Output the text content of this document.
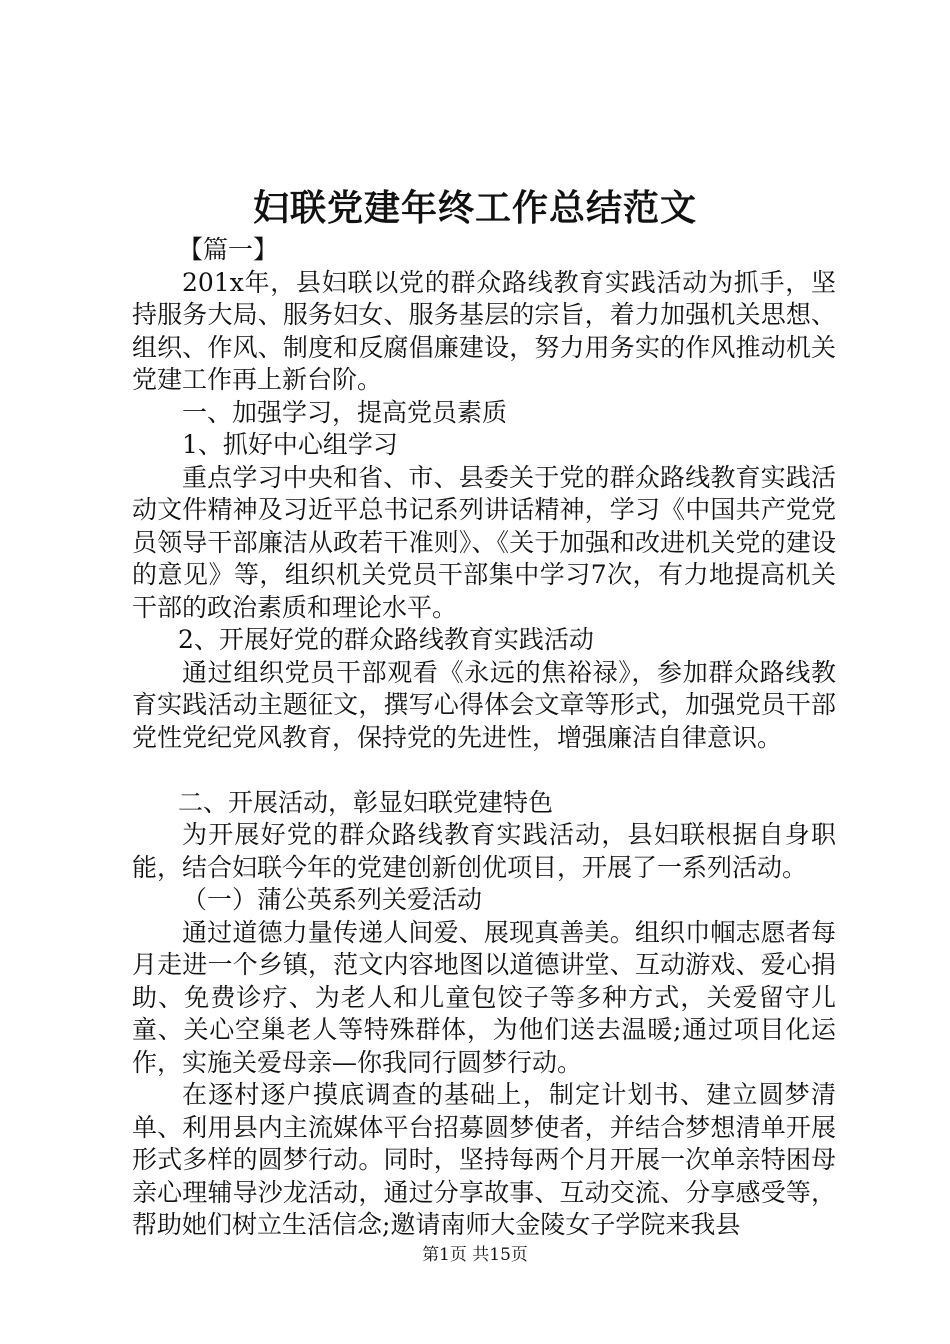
妇联党建年终工作总结范文

【篇一】

201x年，县妇联以党的群众路线教育实践活动为抓手，坚持服务大局、服务妇女、服务基层的宗旨，着力加强机关思想、组织、作风、制度和反腐倡廉建设，努力用务实的作风推动机关党建工作再上新台阶。

一、加强学习，提高党员素质

1、抓好中心组学习

重点学习中央和省、市、县委关于党的群众路线教育实践活动文件精神及习近平总书记系列讲话精神，学习《中国共产党党员领导干部廉洁从政若干准则》、《关于加强和改进机关党的建设的意见》等，组织机关党员干部集中学习7次，有力地提高机关干部的政治素质和理论水平。

2、开展好党的群众路线教育实践活动

通过组织党员干部观看《永远的焦裕禄》，参加群众路线教育实践活动主题征文，撰写心得体会文章等形式，加强党员干部党性党纪党风教育，保持党的先进性，增强廉洁自律意识。

二、开展活动，彰显妇联党建特色

为开展好党的群众路线教育实践活动，县妇联根据自身职能，结合妇联今年的党建创新创优项目，开展了一系列活动。

（一）蒲公英系列关爱活动

通过道德力量传递人间爱、展现真善美。组织巾帼志愿者每月走进一个乡镇，范文内容地图以道德讲堂、互动游戏、爱心捐助、免费诊疗、为老人和儿童包饺子等多种方式，关爱留守儿童、关心空巢老人等特殊群体，为他们送去温暖;通过项目化运作，实施关爱母亲—你我同行圆梦行动。

在逐村逐户摸底调查的基础上，制定计划书、建立圆梦清单、利用县内主流媒体平台招募圆梦使者，并结合梦想清单开展形式多样的圆梦行动。同时，坚持每两个月开展一次单亲特困母亲心理辅导沙龙活动，通过分享故事、互动交流、分享感受等，帮助她们树立生活信念;邀请南师大金陵女子学院来我县

第1页 共15页
